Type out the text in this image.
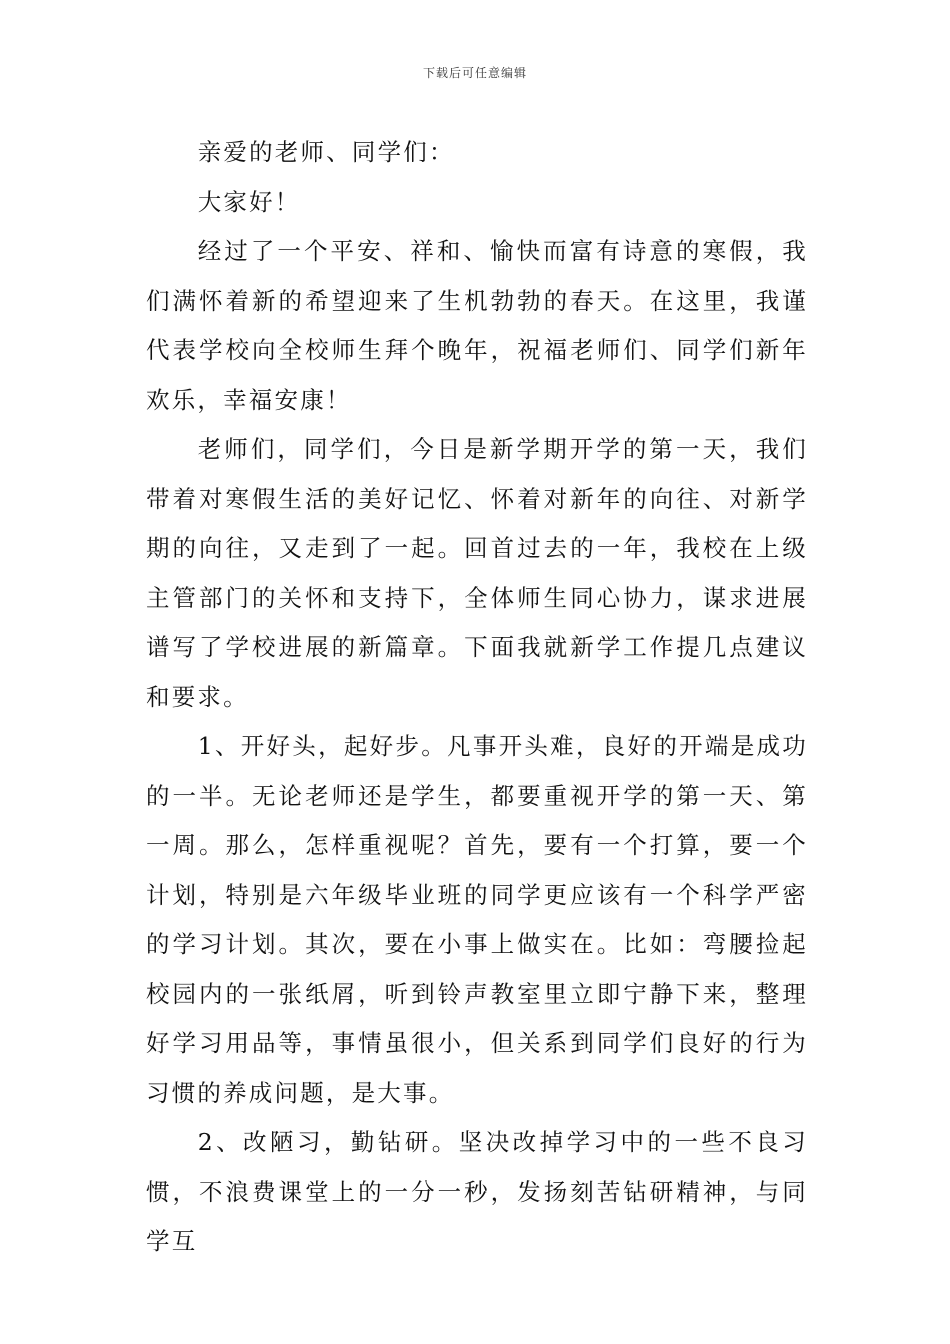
下载后可任意编辑

亲爱的老师、同学们：

大家好！

经过了一个平安、祥和、愉快而富有诗意的寒假，我们满怀着新的希望迎来了生机勃勃的春天。在这里，我谨代表学校向全校师生拜个晚年，祝福老师们、同学们新年欢乐，幸福安康！

老师们，同学们，今日是新学期开学的第一天，我们带着对寒假生活的美好记忆、怀着对新年的向往、对新学期的向往，又走到了一起。回首过去的一年，我校在上级主管部门的关怀和支持下，全体师生同心协力，谋求进展谱写了学校进展的新篇章。下面我就新学工作提几点建议和要求。

1、开好头，起好步。凡事开头难，良好的开端是成功的一半。无论老师还是学生，都要重视开学的第一天、第一周。那么，怎样重视呢？首先，要有一个打算，要一个计划，特别是六年级毕业班的同学更应该有一个科学严密的学习计划。其次，要在小事上做实在。比如：弯腰捡起校园内的一张纸屑，听到铃声教室里立即宁静下来，整理好学习用品等，事情虽很小，但关系到同学们良好的行为习惯的养成问题，是大事。

2、改陋习，勤钻研。坚决改掉学习中的一些不良习惯，不浪费课堂上的一分一秒，发扬刻苦钻研精神，与同学互
